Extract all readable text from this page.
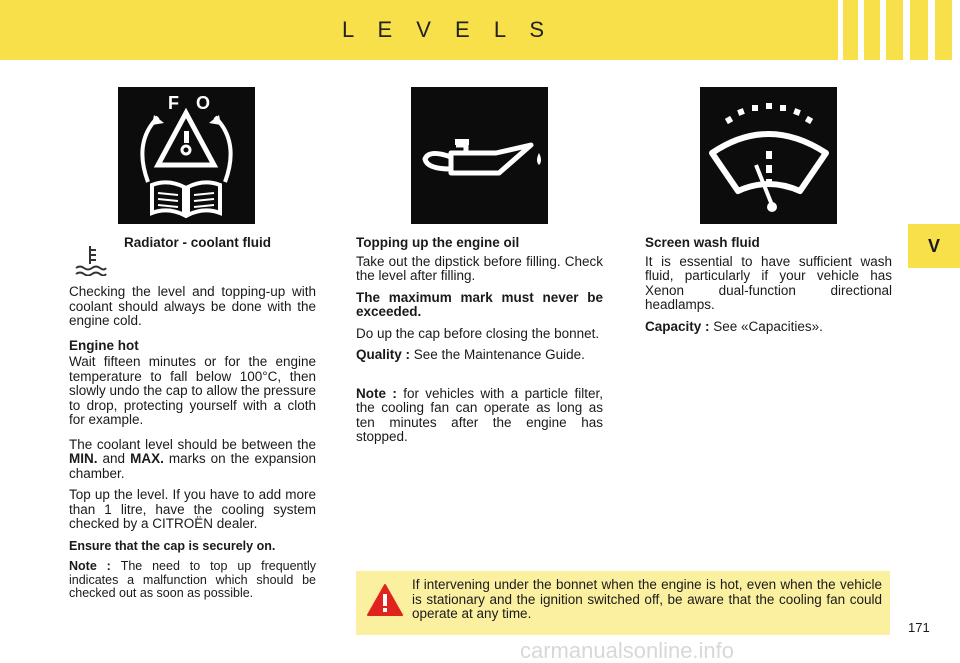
L E V E L S
V
F O
Radiator - coolant fluid

Checking the level and topping-up with coolant should always be done with the engine cold.

Engine hot

Wait fifteen minutes or for the engine temperature to fall below 100°C, then slowly undo the cap to allow the pressure to drop, protecting yourself with a cloth for example.

The coolant level should be between the MIN. and MAX. marks on the expansion chamber.

Top up the level. If you have to add more than 1 litre, have the cooling system checked by a CITROËN dealer.

Ensure that the cap is securely on.

Note : The need to top up frequently indicates a malfunction which should be checked out as soon as possible.

Topping up the engine oil

Take out the dipstick before filling. Check the level after filling.

The maximum mark must never be exceeded.

Do up the cap before closing the bonnet.

Quality : See the Maintenance Guide.

Note : for vehicles with a particle filter, the cooling fan can operate as long as ten minutes after the engine has stopped.

Screen wash fluid

It is essential to have sufficient wash fluid, particularly if your vehicle has Xenon dual-function directional headlamps.

Capacity : See «Capacities».

If intervening under the bonnet when the engine is hot, even when the vehicle is stationary and the ignition switched off, be aware that the cooling fan could operate at any time.
171
carmanualsonline.info
